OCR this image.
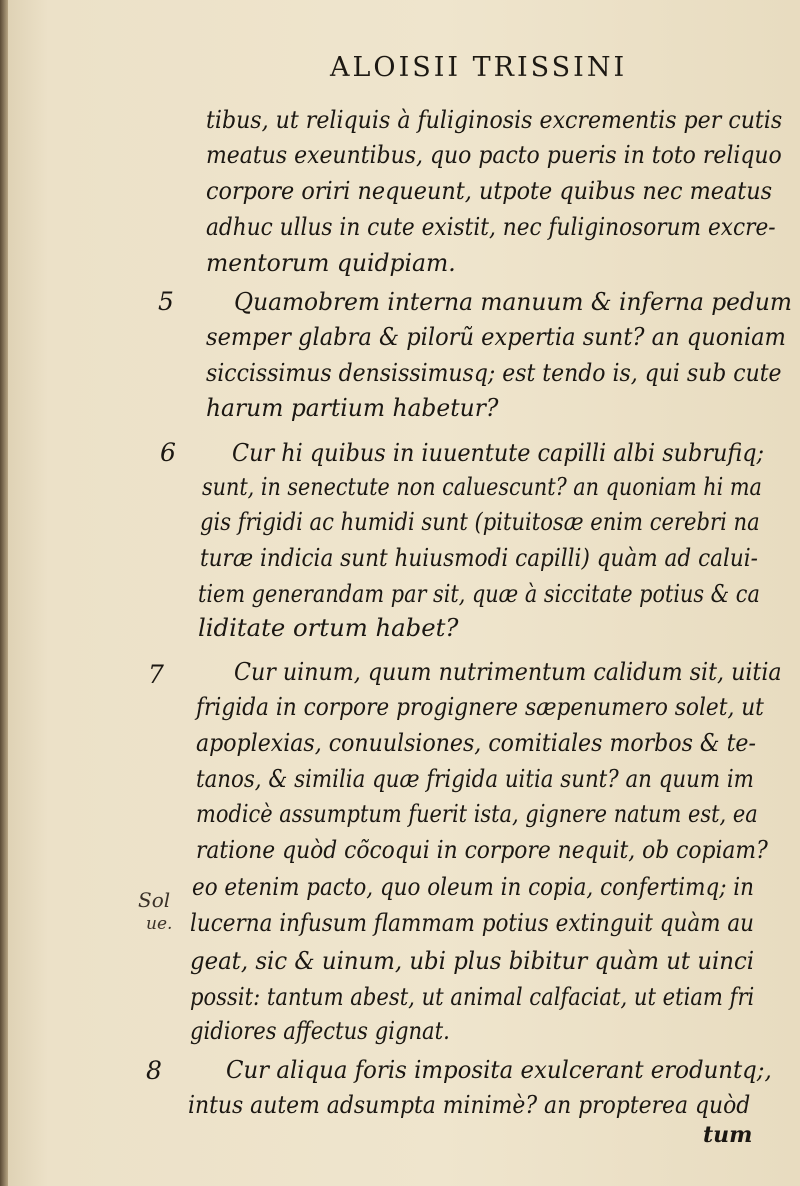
ALOISII TRISSINI
5
6
7
8
Sol
ue.
tibus, ut reliquis à fuliginosis excrementis per cutis
meatus exeuntibus, quo pacto pueris in toto reliquo
corpore oriri nequeunt, utpote quibus nec meatus
adhuc ullus in cute existit, nec fuliginosorum excre-
mentorum quidpiam.
Quamobrem interna manuum & inferna pedum
semper glabra & pilorũ expertia sunt? an quoniam
siccissimus densissimusq; est tendo is, qui sub cute
harum partium habetur?
Cur hi quibus in iuuentute capilli albi subrufiq;
sunt, in senectute non caluescunt? an quoniam hi ma
gis frigidi ac humidi sunt (pituitosæ enim cerebri na
turæ indicia sunt huiusmodi capilli) quàm ad calui-
tiem generandam par sit, quæ à siccitate potius & ca
liditate ortum habet?
Cur uinum, quum nutrimentum calidum sit, uitia
frigida in corpore progignere sæpenumero solet, ut
apoplexias, conuulsiones, comitiales morbos & te-
tanos, & similia quæ frigida uitia sunt? an quum im
modicè assumptum fuerit ista, gignere natum est, ea
ratione quòd cõcoqui in corpore nequit, ob copiam?
eo etenim pacto, quo oleum in copia, confertimq; in
lucerna infusum flammam potius extinguit quàm au
geat, sic & uinum, ubi plus bibitur quàm ut uinci
possit: tantum abest, ut animal calfaciat, ut etiam fri
gidiores affectus gignat.
Cur aliqua foris imposita exulcerant eroduntq;,
intus autem adsumpta minimè? an propterea quòd
tum
